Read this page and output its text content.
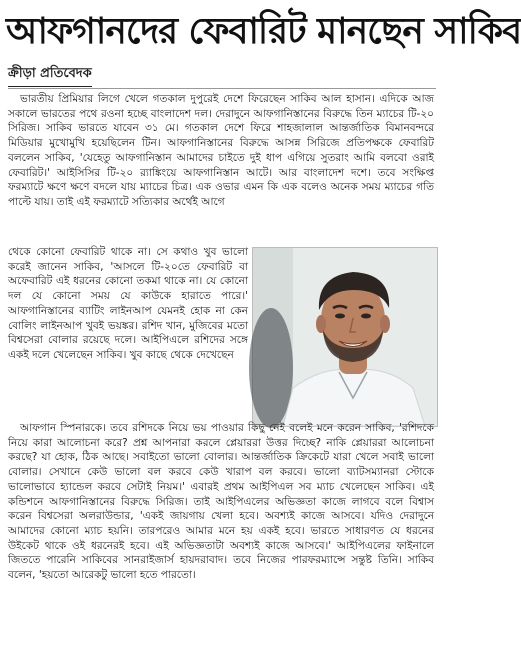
আফগানদের ফেবারিট মানছেন সাকিব
ক্রীড়া প্রতিবেদক

ভারতীয় প্রিমিয়ার লিগে খেলে গতকাল দুপুরেই দেশে ফিরেছেন সাকিব আল হাসান। এদিকে আজ সকালে ভারতের পথে রওনা হচ্ছে বাংলাদেশ দল। দেরাদুনে আফগানিস্তানের বিরুদ্ধে তিন ম্যাচের টি-২০ সিরিজ। সাকিব ভারতে যাবেন ৩১ মে। গতকাল দেশে ফিরে শাহজালাল আন্তর্জাতিক বিমানবন্দরে মিডিয়ার মুখোমুখি হয়েছিলেন টিন। আফগানিস্তানের বিরুদ্ধে আসন্ন সিরিজে প্রতিপক্ষকে ফেবারিট বললেন সাকিব, 'যেহেতু আফগানিস্তান আমাদের চাইতে দুই ধাপ এগিয়ে সুতরাং আমি বলবো ওরাই ফেবারিট।' আইসিসির টি-২০ র‍্যাঙ্কিংয়ে আফগানিস্তান আটে। আর বাংলাদেশ দশে। তবে সংক্ষিপ্ত ফরম্যাটে ক্ষণে ক্ষণে বদলে যায় ম্যাচের চিত্র। এক ওভার এমন কি এক বলেও অনেক সময় ম্যাচের গতি পাল্টে যায়। তাই এই ফরম্যাটে সত্যিকার অর্থেই আগে

থেকে কোনো ফেবারিট থাকে না। সে কথাও খুব ভালো করেই জানেন সাকিব, 'আসলে টি-২০তে ফেবারিট বা অফেবারিট এই ধরনের কোনো তকমা থাকে না। যে কোনো দল যে কোনো সময় যে কাউকে হারাতে পারে।' আফগানিস্তানের ব্যাটিং লাইনআপ যেমনই হোক না কেন বোলিং লাইনআপ খুবই ভয়ঙ্কর। রশিদ খান, মুজিবের মতো বিশ্বসেরা বোলার রয়েছে দলে। আইপিএলে রশিদের সঙ্গে একই দলে খেলেছেন সাকিব। খুব কাছে থেকে দেখেছেন

আফগান স্পিনারকে। তবে রশিদকে নিয়ে ভয় পাওয়ার কিছু নেই বলেই মনে করেন সাকিব, 'রশিদকে নিয়ে কারা আলোচনা করে? প্রশ্ন আপনারা করলে প্লেয়াররা উত্তর দিচ্ছে? নাকি প্লেয়াররা আলোচনা করছে? যা হোক, ঠিক আছে। সবাইতো ভালো বোলার। আন্তর্জাতিক ক্রিকেটে যারা খেলে সবাই ভালো বোলার। সেখানে কেউ ভালো বল করবে কেউ খারাপ বল করবে। ভালো ব্যাটসম্যানরা স্টোকে ভালোভাবে হ্যান্ডেল করবে সেটাই নিয়ম।' এবারই প্রথম আইপিএল সব ম্যাচ খেলেছেন সাকিব। এই কন্ডিশনে আফগানিস্তানের বিরুদ্ধে সিরিজ। তাই আইপিএলের অভিজ্ঞতা কাজে লাগবে বলে বিশ্বাস করেন বিশ্বসেরা অলরাউন্ডার, 'একই জায়গায় খেলা হবে। অবশ্যই কাজে আসবে। যদিও দেরাদুনে আমাদের কোনো ম্যাচ হয়নি। তারপরেও আমার মনে হয় একই হবে। ভারতে সাধারণত যে ধরনের উইকেট থাকে ওই ধরনেরই হবে। এই অভিজ্ঞতাটা অবশ্যই কাজে আসবে।' আইপিএলের ফাইনালে জিততে পারেনি সাকিবের সানরাইজার্স হায়দরাবাদ। তবে নিজের পারফরম্যান্সে সন্তুষ্ট তিনি। সাকিব বলেন, 'হয়তো আরেকটু ভালো হতে পারতো।
